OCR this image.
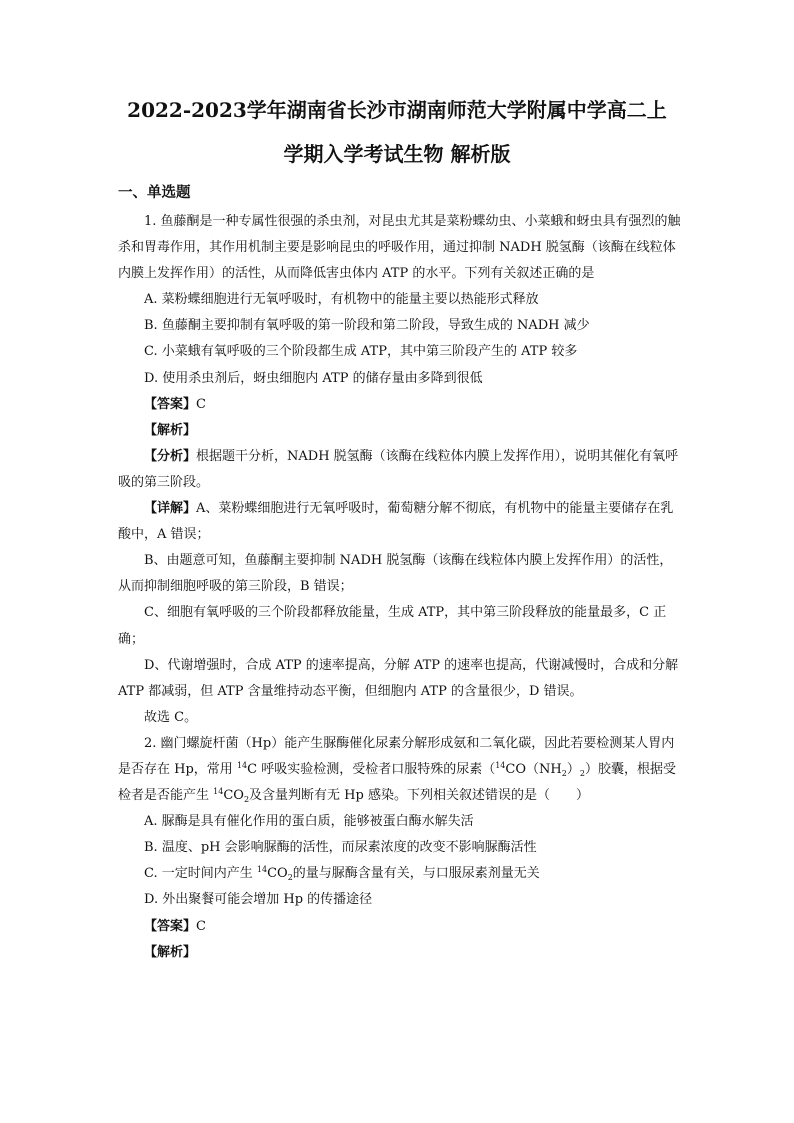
2022-2023学年湖南省长沙市湖南师范大学附属中学高二上
学期入学考试生物 解析版
一、单选题

1. 鱼藤酮是一种专属性很强的杀虫剂，对昆虫尤其是菜粉蝶幼虫、小菜蛾和蚜虫具有强烈的触杀和胃毒作用，其作用机制主要是影响昆虫的呼吸作用，通过抑制 NADH 脱氢酶（该酶在线粒体内膜上发挥作用）的活性，从而降低害虫体内 ATP 的水平。下列有关叙述正确的是

A. 菜粉蝶细胞进行无氧呼吸时，有机物中的能量主要以热能形式释放

B. 鱼藤酮主要抑制有氧呼吸的第一阶段和第二阶段，导致生成的 NADH 减少

C. 小菜蛾有氧呼吸的三个阶段都生成 ATP，其中第三阶段产生的 ATP 较多

D. 使用杀虫剂后，蚜虫细胞内 ATP 的储存量由多降到很低

【答案】C

【解析】

【分析】根据题干分析，NADH 脱氢酶（该酶在线粒体内膜上发挥作用），说明其催化有氧呼吸的第三阶段。

【详解】A、菜粉蝶细胞进行无氧呼吸时，葡萄糖分解不彻底，有机物中的能量主要储存在乳酸中，A 错误；

B、由题意可知，鱼藤酮主要抑制 NADH 脱氢酶（该酶在线粒体内膜上发挥作用）的活性，从而抑制细胞呼吸的第三阶段，B 错误；

C、细胞有氧呼吸的三个阶段都释放能量，生成 ATP，其中第三阶段释放的能量最多，C 正确；

D、代谢增强时，合成 ATP 的速率提高，分解 ATP 的速率也提高，代谢减慢时，合成和分解 ATP 都减弱，但 ATP 含量维持动态平衡，但细胞内 ATP 的含量很少，D 错误。

故选 C。

2. 幽门螺旋杆菌（Hp）能产生脲酶催化尿素分解形成氨和二氧化碳，因此若要检测某人胃内是否存在 Hp，常用 $^{14}$C 呼吸实验检测，受检者口服特殊的尿素$(^{14}CO(NH_2)_2)$胶囊，根据受检者是否能产生 $^{14}CO_2$及含量判断有无 Hp 感染。下列相关叙述错误的是（　　）

A. 脲酶是具有催化作用的蛋白质，能够被蛋白酶水解失活

B. 温度、pH 会影响脲酶的活性，而尿素浓度的改变不影响脲酶活性

C. 一定时间内产生 $^{14}CO_2$的量与脲酶含量有关，与口服尿素剂量无关

D. 外出聚餐可能会增加 Hp 的传播途径

【答案】C

【解析】
